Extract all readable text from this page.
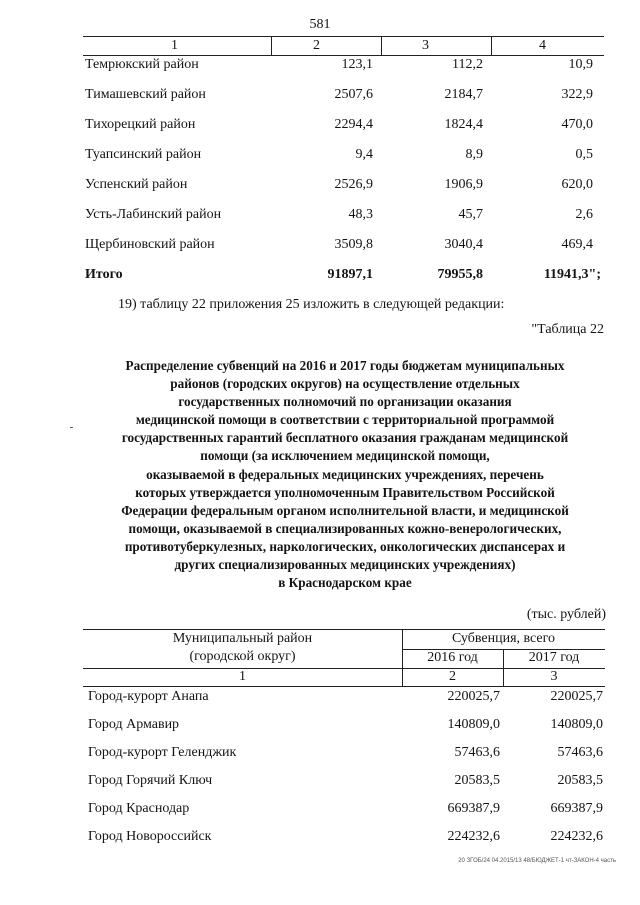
581
1	2	3	4
Темрюкский район	123,1	112,2	10,9
Тимашевский район	2507,6	2184,7	322,9
Тихорецкий район	2294,4	1824,4	470,0
Туапсинский район	9,4	8,9	0,5
Успенский район	2526,9	1906,9	620,0
Усть-Лабинский район	48,3	45,7	2,6
Щербиновский район	3509,8	3040,4	469,4
Итого	91897,1	79955,8	11941,3";
19) таблицу 22 приложения 25 изложить в следующей редакции:
"Таблица 22
Распределение субвенций на 2016 и 2017 годы бюджетам муниципальных
районов (городских округов) на осуществление отдельных
государственных полномочий по организации оказания
медицинской помощи в соответствии с территориальной программой
государственных гарантий бесплатного оказания гражданам медицинской
помощи (за исключением медицинской помощи,
оказываемой в федеральных медицинских учреждениях, перечень
которых утверждается уполномоченным Правительством Российской
Федерации федеральным органом исполнительной власти, и медицинской
помощи, оказываемой в специализированных кожно-венерологических,
противотуберкулезных, наркологических, онкологических диспансерах и
других специализированных медицинских учреждениях)
в Краснодарском крае
(тыс. рублей)
Муниципальный район
(городской округ)
Субвенция, всего
2016 год	2017 год
1	2	3
Город-курорт Анапа	220025,7	220025,7
Город Армавир	140809,0	140809,0
Город-курорт Геленджик	57463,6	57463,6
Город Горячий Ключ	20583,5	20583,5
Город Краснодар	669387,9	669387,9
Город Новороссийск	224232,6	224232,6
20 ЗГОБ/24 04.2015/13 48/БЮДЖЕТ-1 чт-ЗАКОН-4 часть
